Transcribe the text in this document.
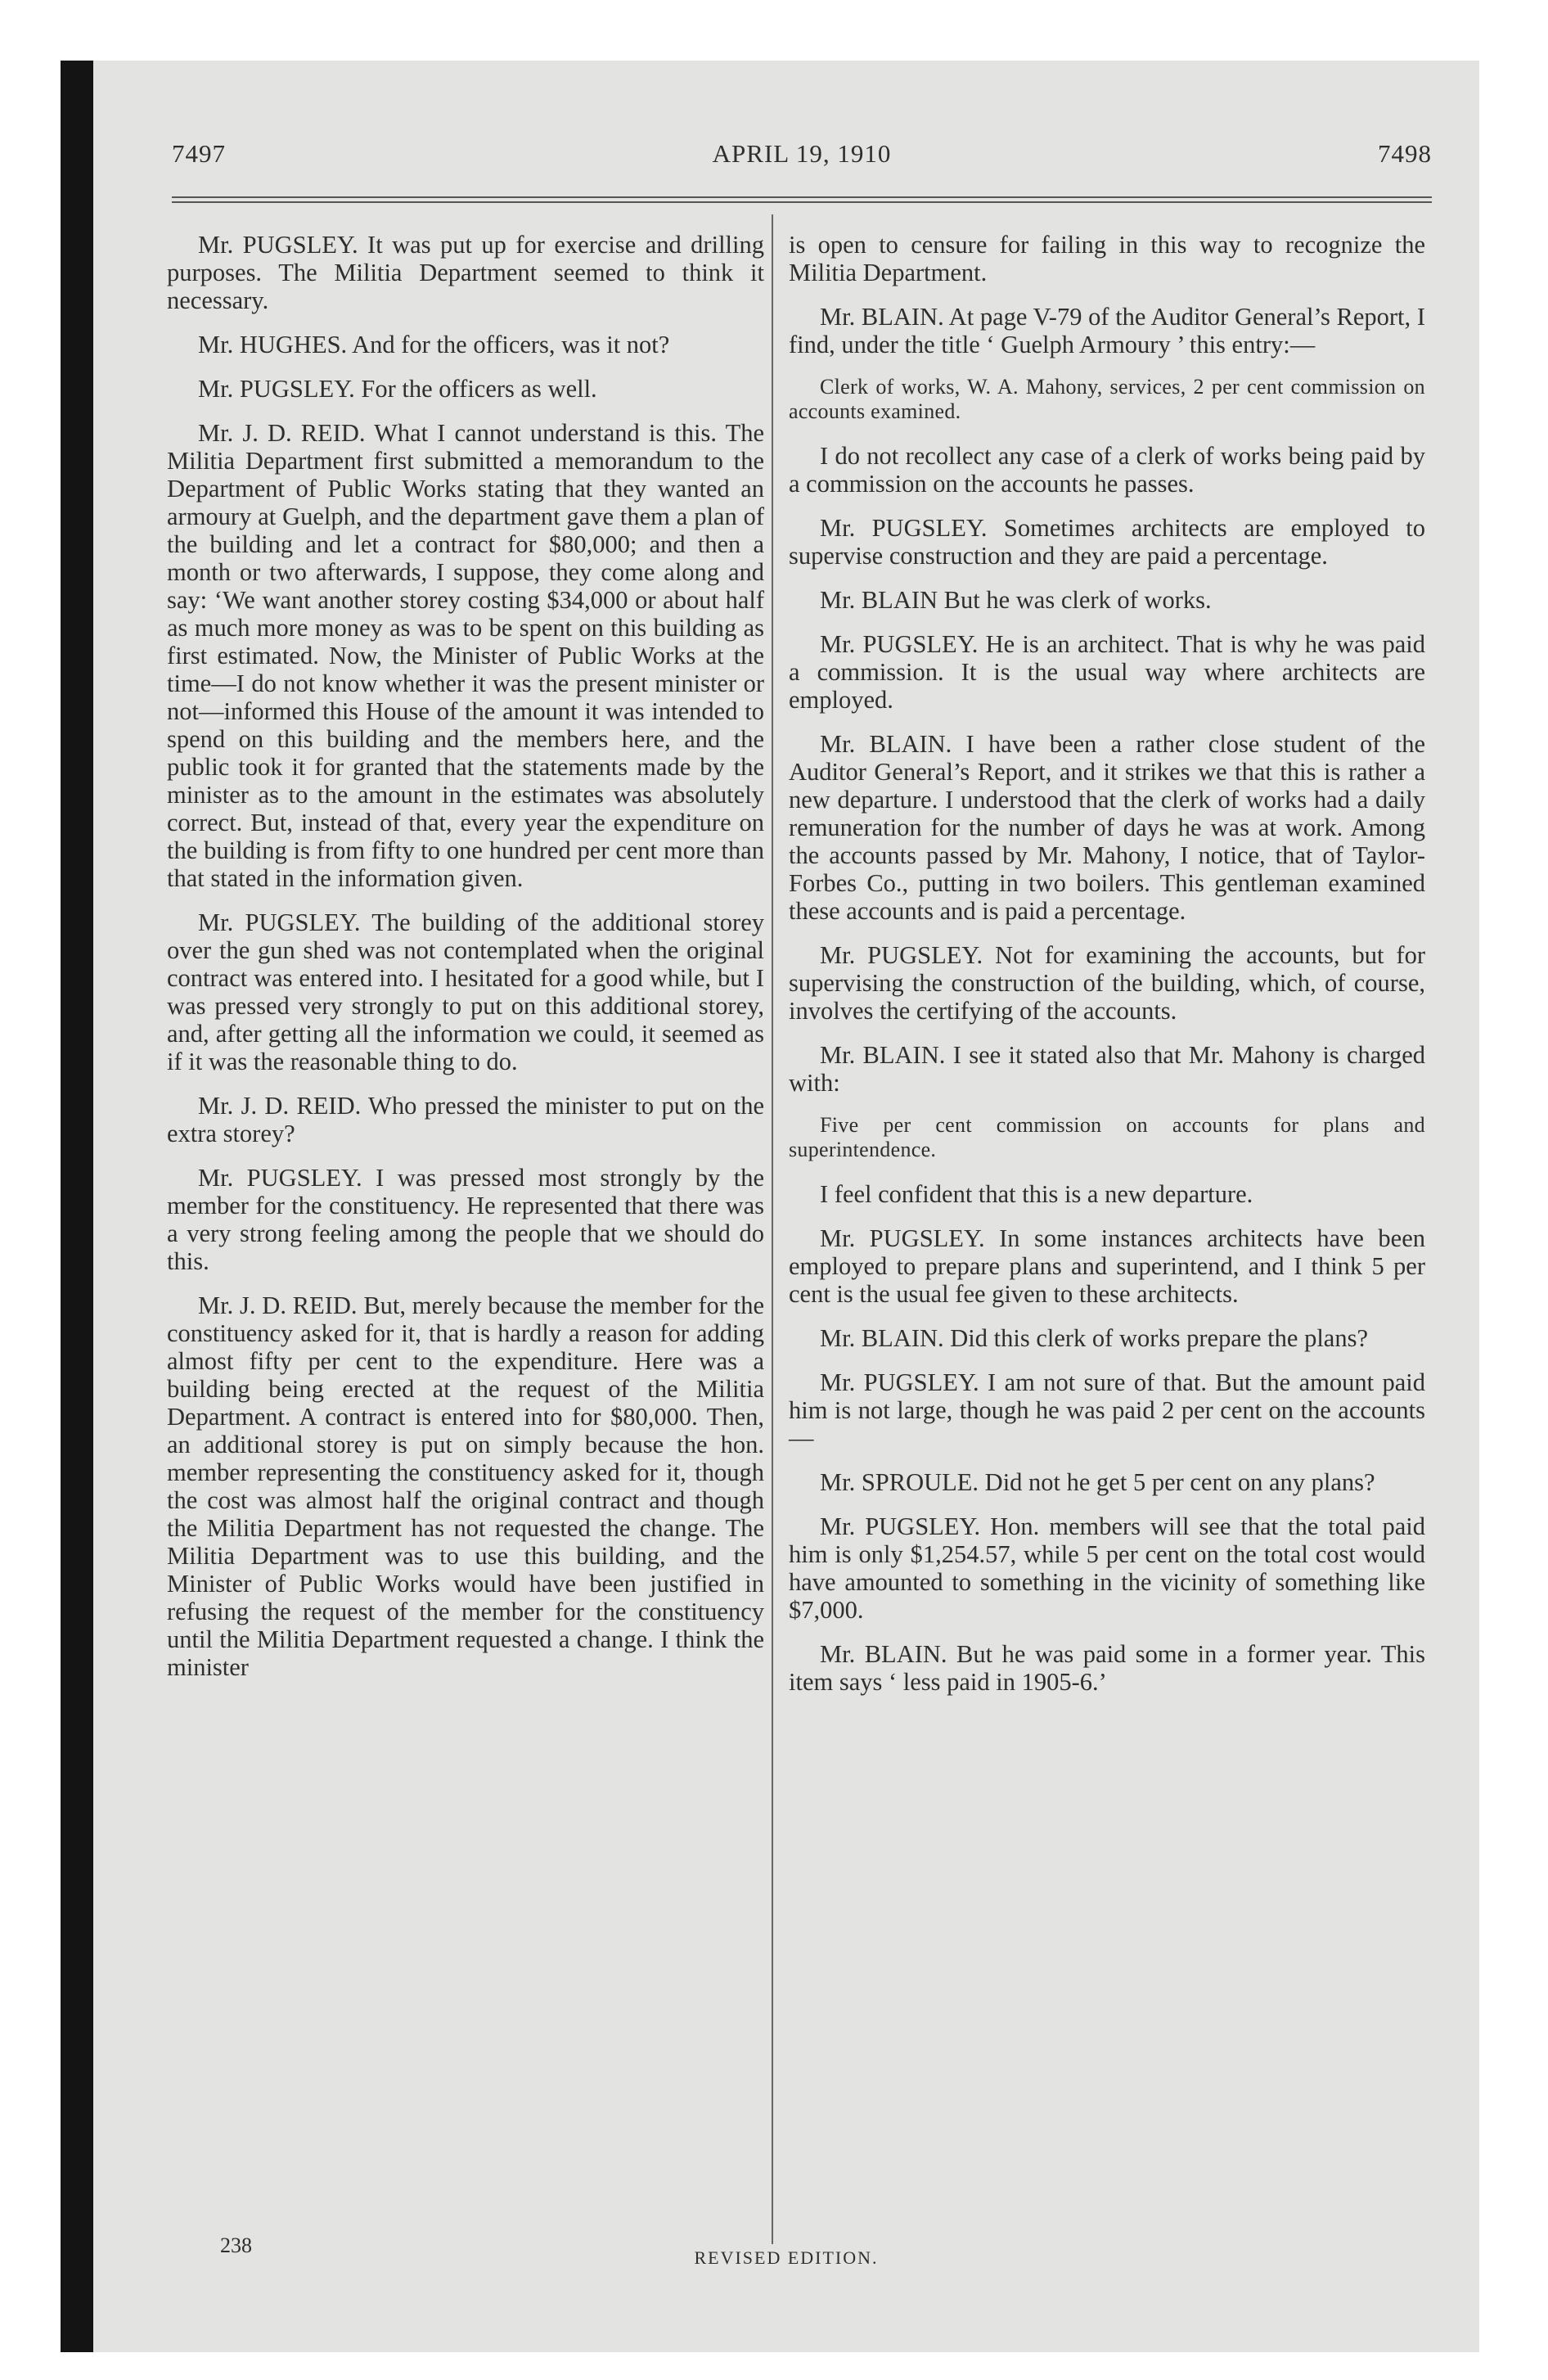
7497	APRIL 19, 1910	7498

Mr. PUGSLEY. It was put up for exercise and drilling purposes. The Militia Department seemed to think it necessary.

Mr. HUGHES. And for the officers, was it not?

Mr. PUGSLEY. For the officers as well.

Mr. J. D. REID. What I cannot understand is this. The Militia Department first submitted a memorandum to the Department of Public Works stating that they wanted an armoury at Guelph, and the department gave them a plan of the building and let a contract for $80,000; and then a month or two afterwards, I suppose, they come along and say: ‘We want another storey costing $34,000 or about half as much more money as was to be spent on this building as first estimated. Now, the Minister of Public Works at the time—I do not know whether it was the present minister or not—informed this House of the amount it was intended to spend on this building and the members here, and the public took it for granted that the statements made by the minister as to the amount in the estimates was absolutely correct. But, instead of that, every year the expenditure on the building is from fifty to one hundred per cent more than that stated in the information given.

Mr. PUGSLEY. The building of the additional storey over the gun shed was not contemplated when the original contract was entered into. I hesitated for a good while, but I was pressed very strongly to put on this additional storey, and, after getting all the information we could, it seemed as if it was the reasonable thing to do.

Mr. J. D. REID. Who pressed the minister to put on the extra storey?

Mr. PUGSLEY. I was pressed most strongly by the member for the constituency. He represented that there was a very strong feeling among the people that we should do this.

Mr. J. D. REID. But, merely because the member for the constituency asked for it, that is hardly a reason for adding almost fifty per cent to the expenditure. Here was a building being erected at the request of the Militia Department. A contract is entered into for $80,000. Then, an additional storey is put on simply because the hon. member representing the constituency asked for it, though the cost was almost half the original contract and though the Militia Department has not requested the change. The Militia Department was to use this building, and the Minister of Public Works would have been justified in refusing the request of the member for the constituency until the Militia Department requested a change. I think the minister

is open to censure for failing in this way to recognize the Militia Department.

Mr. BLAIN. At page V-79 of the Auditor General’s Report, I find, under the title ‘ Guelph Armoury ’ this entry:—

Clerk of works, W. A. Mahony, services, 2 per cent commission on accounts examined.

I do not recollect any case of a clerk of works being paid by a commission on the accounts he passes.

Mr. PUGSLEY. Sometimes architects are employed to supervise construction and they are paid a percentage.

Mr. BLAIN But he was clerk of works.

Mr. PUGSLEY. He is an architect. That is why he was paid a commission. It is the usual way where architects are employed.

Mr. BLAIN. I have been a rather close student of the Auditor General’s Report, and it strikes we that this is rather a new departure. I understood that the clerk of works had a daily remuneration for the number of days he was at work. Among the accounts passed by Mr. Mahony, I notice, that of Taylor-Forbes Co., putting in two boilers. This gentleman examined these accounts and is paid a percentage.

Mr. PUGSLEY. Not for examining the accounts, but for supervising the construction of the building, which, of course, involves the certifying of the accounts.

Mr. BLAIN. I see it stated also that Mr. Mahony is charged with:

Five per cent commission on accounts for plans and superintendence.

I feel confident that this is a new departure.

Mr. PUGSLEY. In some instances architects have been employed to prepare plans and superintend, and I think 5 per cent is the usual fee given to these architects.

Mr. BLAIN. Did this clerk of works prepare the plans?

Mr. PUGSLEY. I am not sure of that. But the amount paid him is not large, though he was paid 2 per cent on the accounts—

Mr. SPROULE. Did not he get 5 per cent on any plans?

Mr. PUGSLEY. Hon. members will see that the total paid him is only $1,254.57, while 5 per cent on the total cost would have amounted to something in the vicinity of something like $7,000.

Mr. BLAIN. But he was paid some in a former year. This item says ‘ less paid in 1905-6.’

238
REVISED EDITION.
